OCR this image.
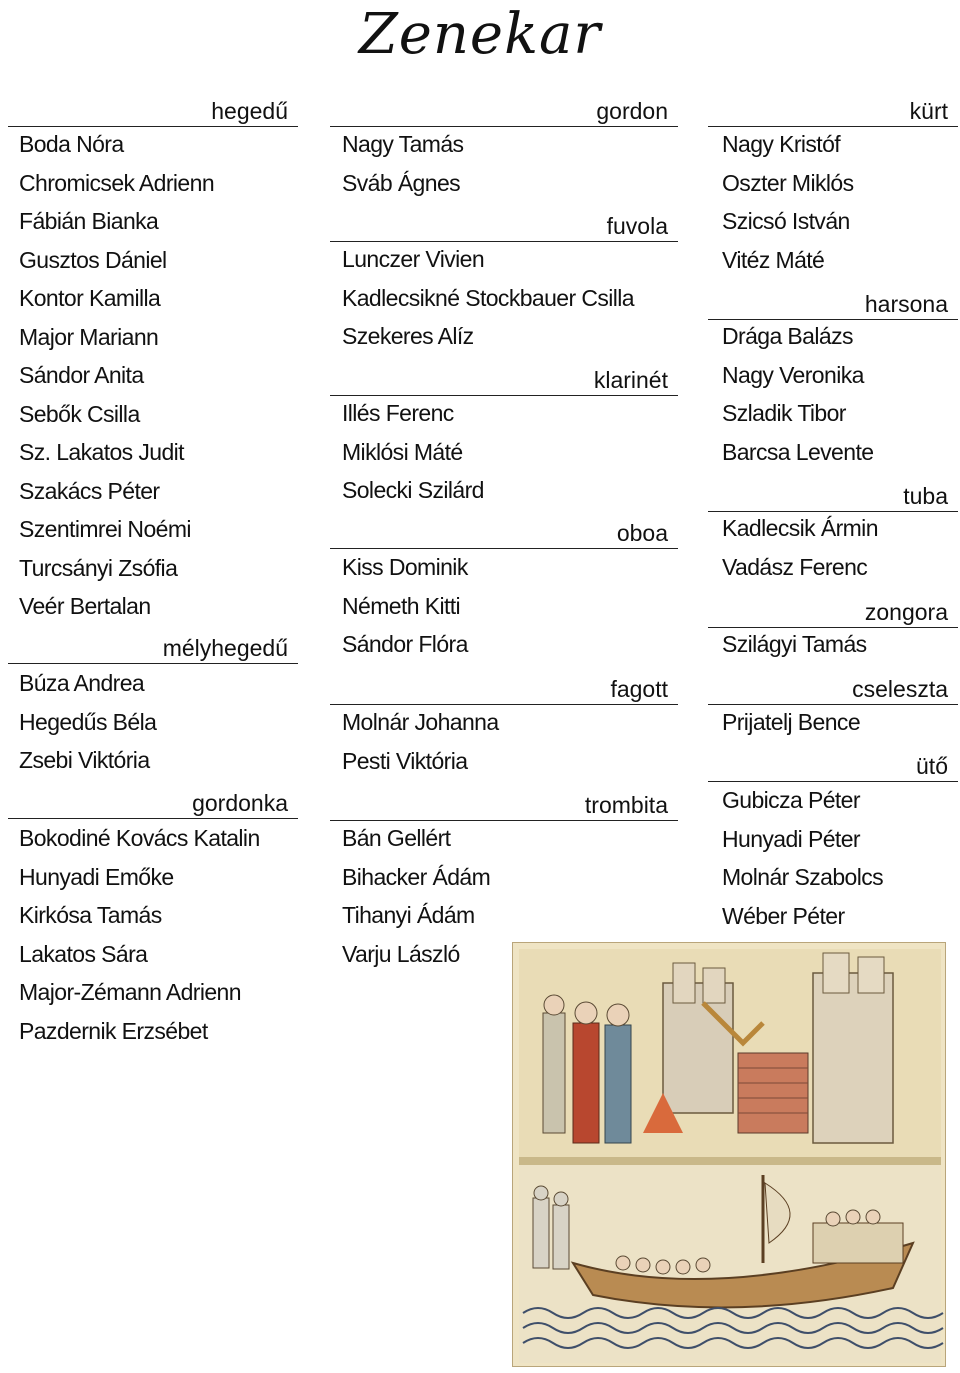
Zenekar
hegedű
Boda Nóra
Chromicsek Adrienn
Fábián Bianka
Gusztos Dániel
Kontor Kamilla
Major Mariann
Sándor Anita
Sebők Csilla
Sz. Lakatos Judit
Szakács Péter
Szentimrei Noémi
Turcsányi Zsófia
Veér Bertalan
mélyhegedű
Búza Andrea
Hegedűs Béla
Zsebi Viktória
gordonka
Bokodiné Kovács Katalin
Hunyadi Emőke
Kirkósa Tamás
Lakatos Sára
Major-Zémann Adrienn
Pazdernik Erzsébet
gordon
Nagy Tamás
Sváb Ágnes
fuvola
Lunczer Vivien
Kadlecsikné Stockbauer Csilla
Szekeres Alíz
klarinét
Illés Ferenc
Miklósi Máté
Solecki Szilárd
oboa
Kiss Dominik
Németh Kitti
Sándor Flóra
fagott
Molnár Johanna
Pesti Viktória
trombita
Bán Gellért
Bihacker Ádám
Tihanyi Ádám
Varju László
kürt
Nagy Kristóf
Oszter Miklós
Szicsó István
Vitéz Máté
harsona
Drága Balázs
Nagy Veronika
Szladik Tibor
Barcsa Levente
tuba
Kadlecsik Ármin
Vadász Ferenc
zongora
Szilágyi Tamás
cseleszta
Prijatelj Bence
ütő
Gubicza Péter
Hunyadi Péter
Molnár Szabolcs
Wéber Péter
